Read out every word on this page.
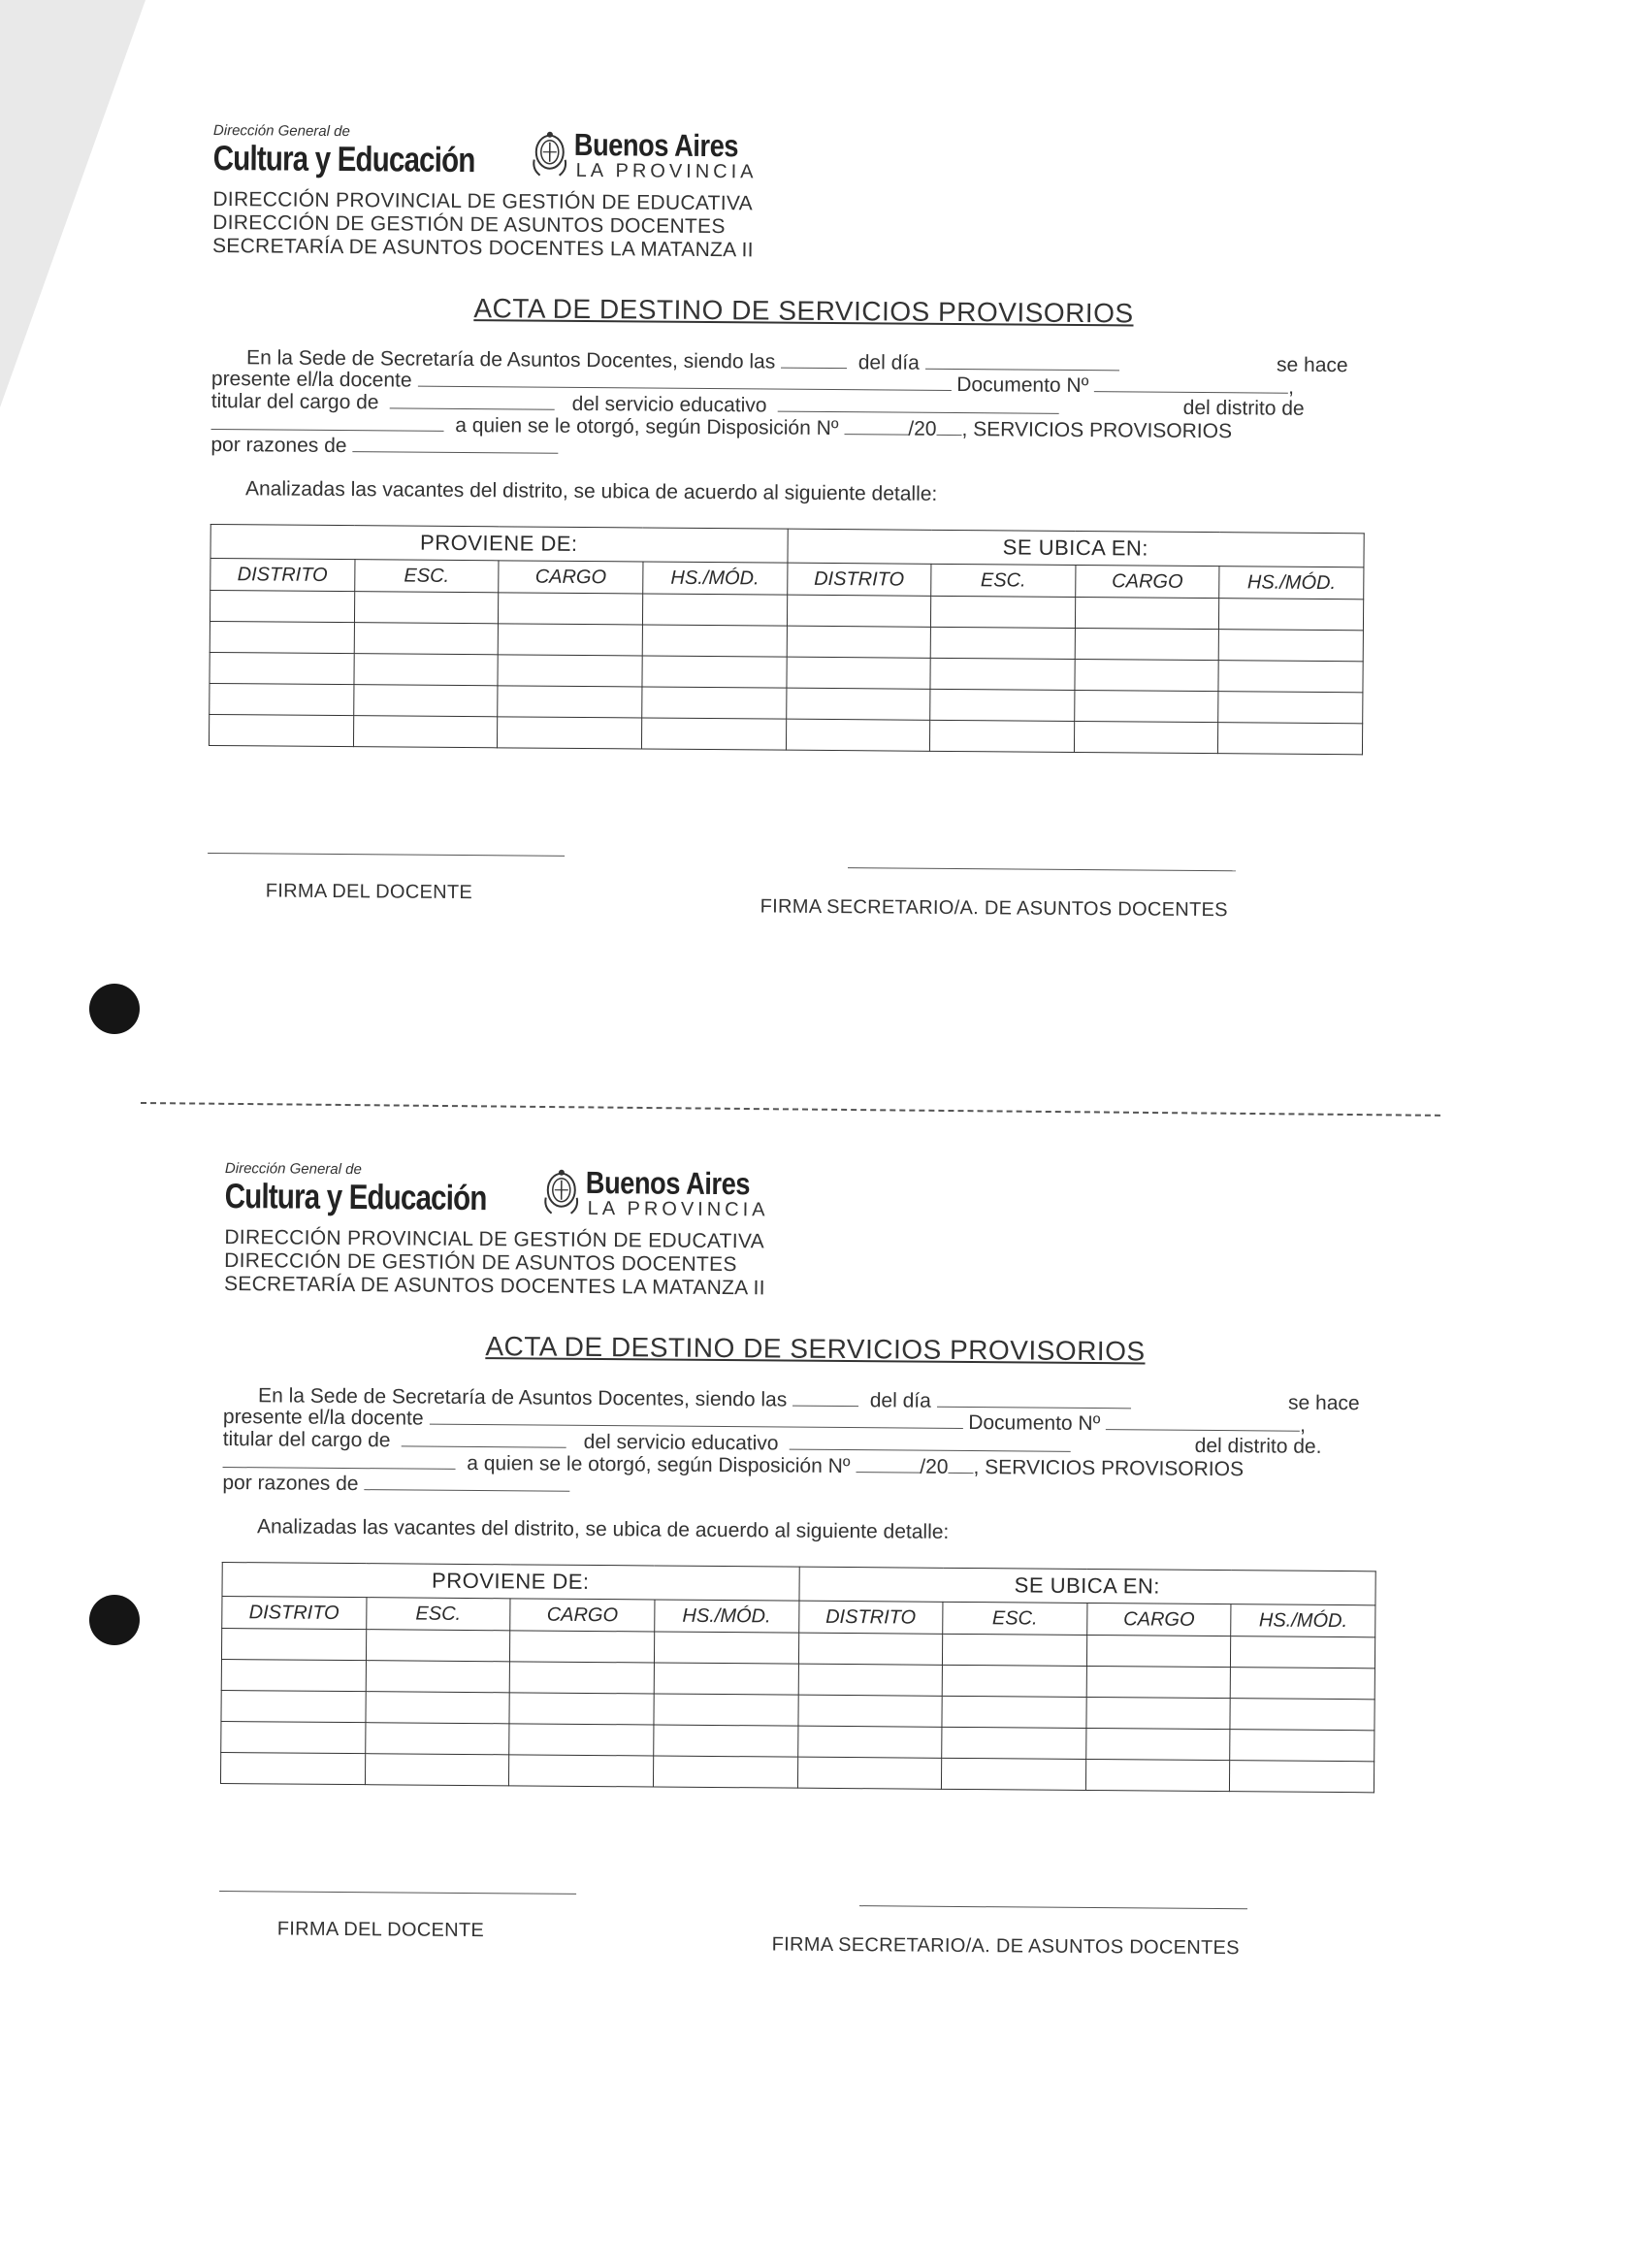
Dirección General de
Cultura y Educación	Buenos Aires
LA PROVINCIA
DIRECCIÓN PROVINCIAL DE GESTIÓN DE EDUCATIVA
DIRECCIÓN DE GESTIÓN DE ASUNTOS DOCENTES
SECRETARÍA DE ASUNTOS DOCENTES LA MATANZA II
ACTA DE DESTINO DE SERVICIOS PROVISORIOS
En la Sede de Secretaría de Asuntos Docentes, siendo las	del día	se hace
presente el/la docente	Documento Nº	,
titular del cargo de	del servicio educativo	del distrito de
a quien se le otorgó, según Disposición Nº	/20 , SERVICIOS PROVISORIOS
por razones de
Analizadas las vacantes del distrito, se ubica de acuerdo al siguiente detalle:
PROVIENE DE:				SE UBICA EN:			
DISTRITO	ESC.	CARGO	HS./MÓD.	DISTRITO	ESC.	CARGO	HS./MÓD.

FIRMA DEL DOCENTE
FIRMA SECRETARIO/A. DE ASUNTOS DOCENTES
Dirección General de
Cultura y Educación	Buenos Aires
LA PROVINCIA
DIRECCIÓN PROVINCIAL DE GESTIÓN DE EDUCATIVA
DIRECCIÓN DE GESTIÓN DE ASUNTOS DOCENTES
SECRETARÍA DE ASUNTOS DOCENTES LA MATANZA II
ACTA DE DESTINO DE SERVICIOS PROVISORIOS
En la Sede de Secretaría de Asuntos Docentes, siendo las	del día	se hace
presente el/la docente	Documento Nº	,
titular del cargo de	del servicio educativo	del distrito de.
a quien se le otorgó, según Disposición Nº	/20 , SERVICIOS PROVISORIOS
por razones de
Analizadas las vacantes del distrito, se ubica de acuerdo al siguiente detalle:
PROVIENE DE:				SE UBICA EN:			
DISTRITO	ESC.	CARGO	HS./MÓD.	DISTRITO	ESC.	CARGO	HS./MÓD.

FIRMA DEL DOCENTE
FIRMA SECRETARIO/A. DE ASUNTOS DOCENTES
